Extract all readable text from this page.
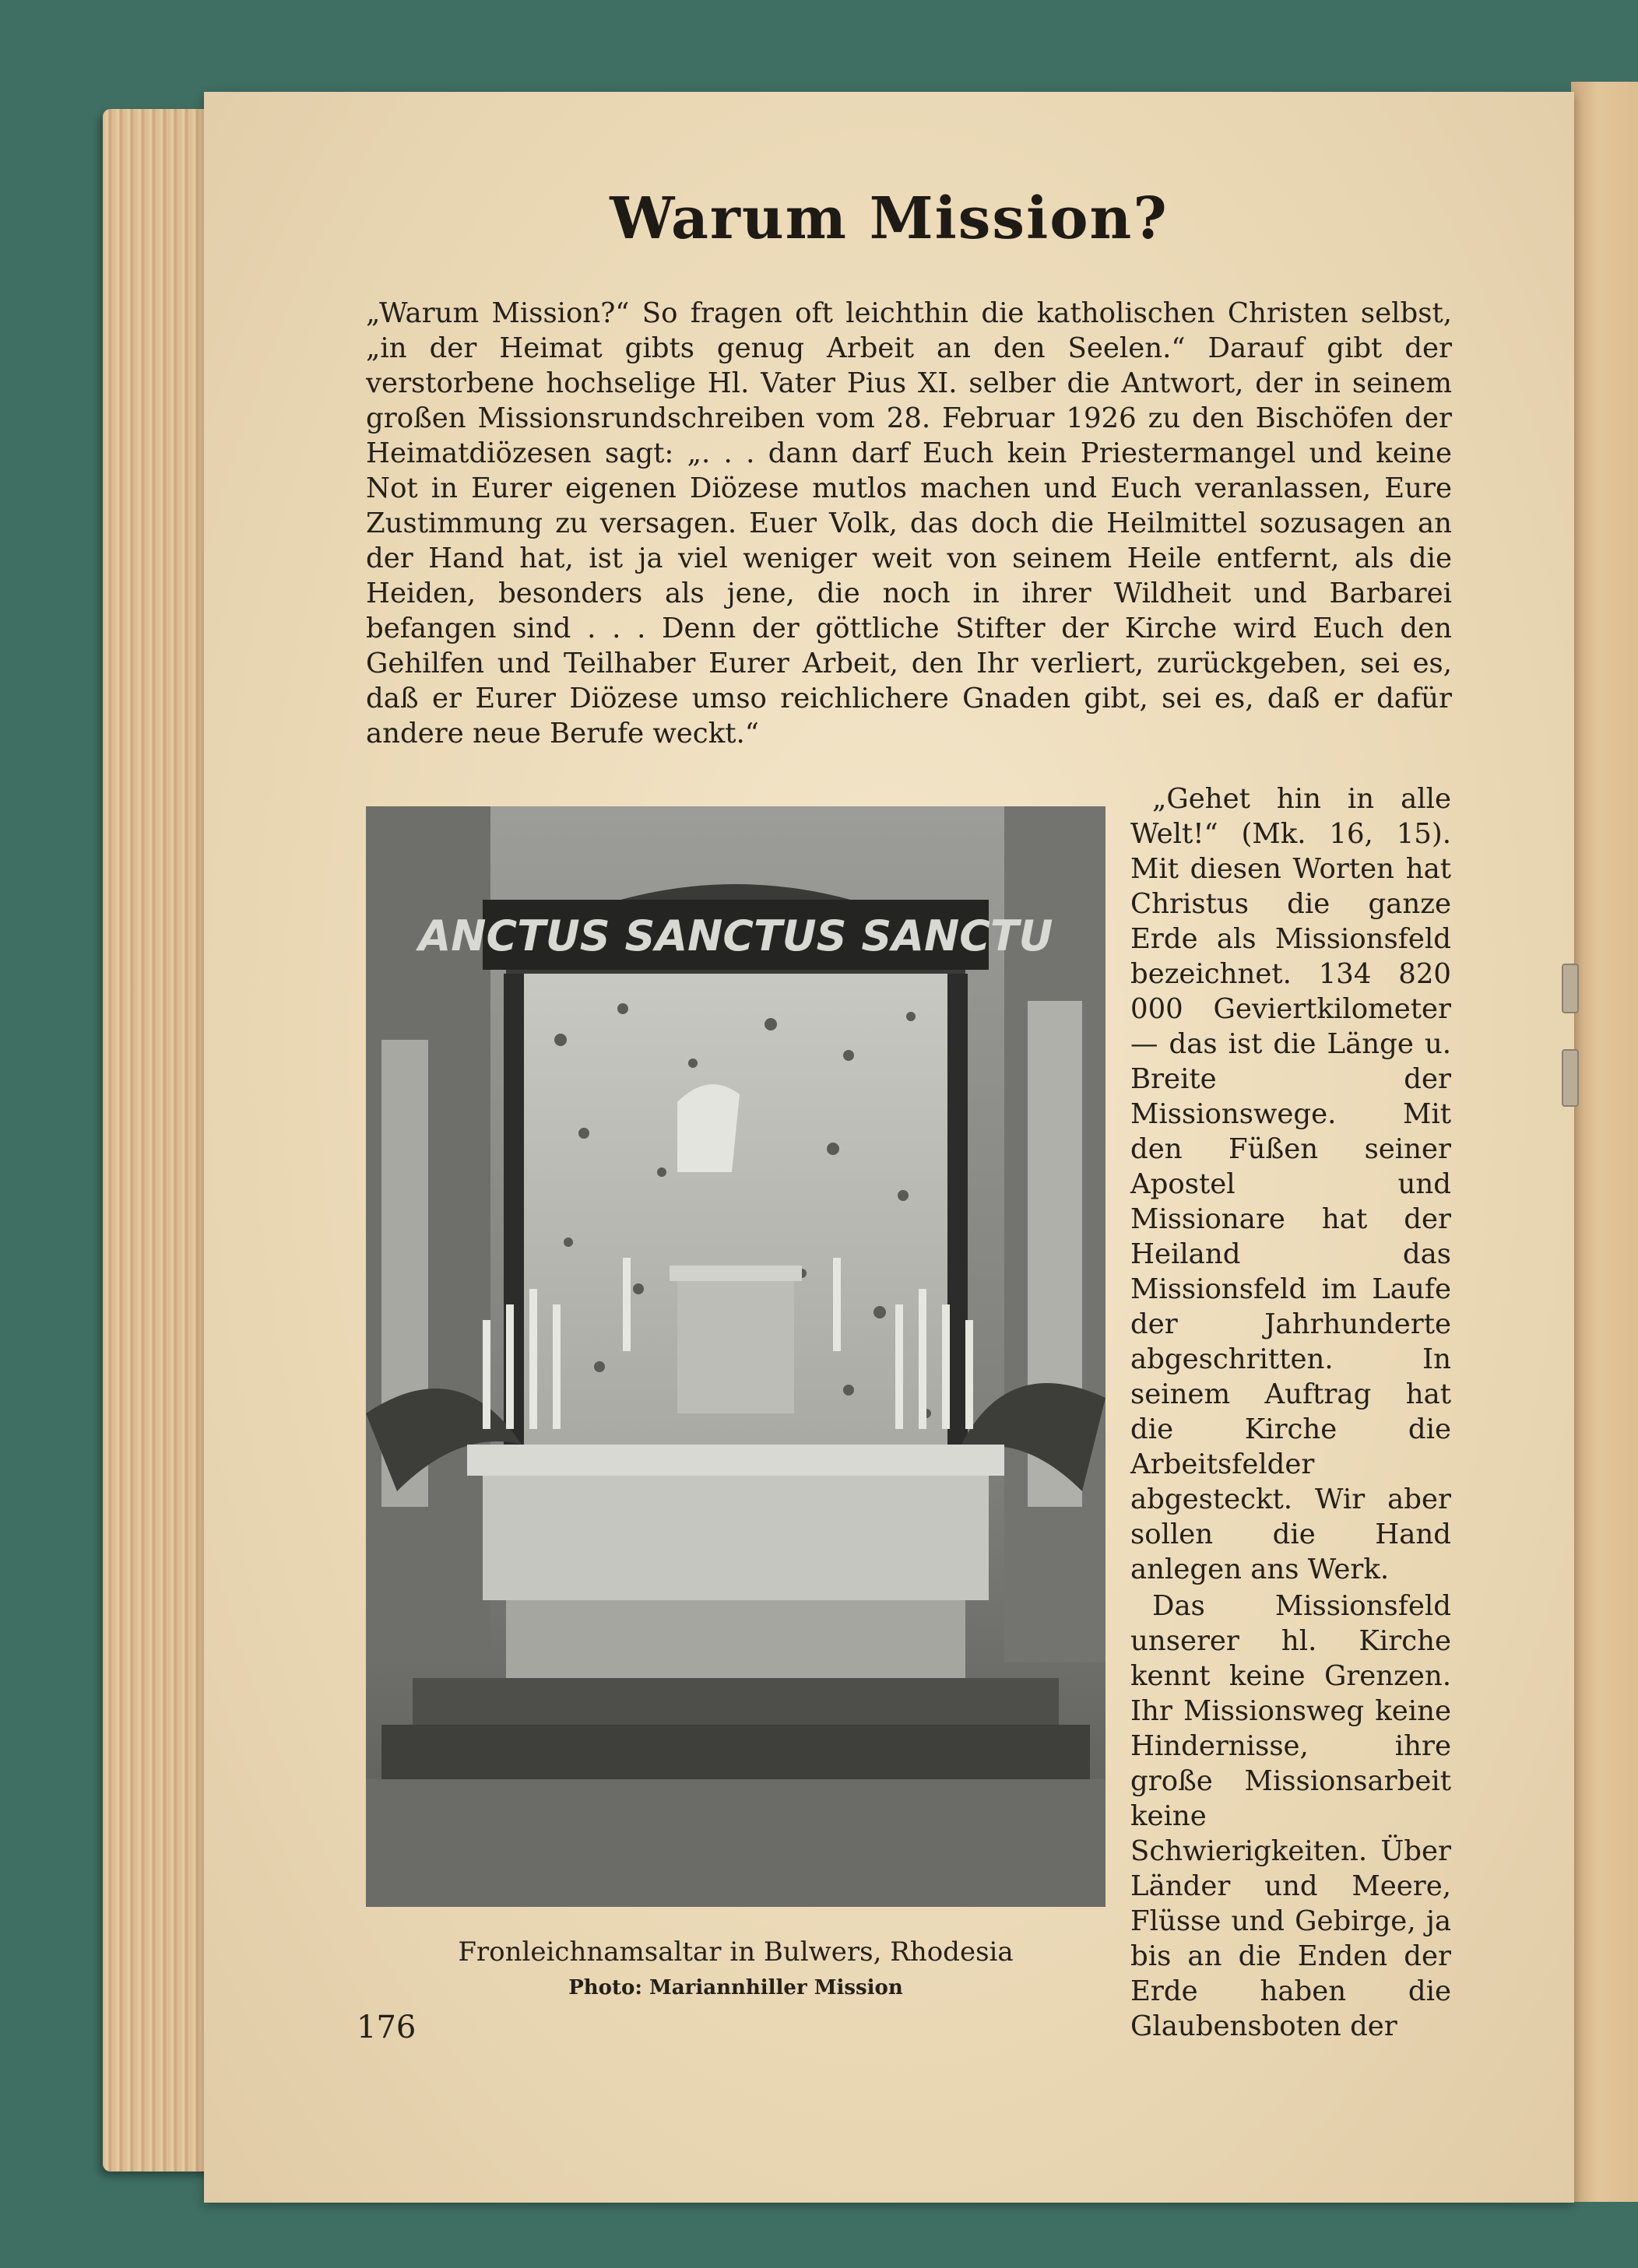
Warum Mission?
„Warum Mission?“ So fragen oft leichthin die katholischen Christen selbst, „in der Heimat gibts genug Arbeit an den Seelen.“ Darauf gibt der verstorbene hochselige Hl. Vater Pius XI. selber die Antwort, der in seinem großen Missionsrundschreiben vom 28. Februar 1926 zu den Bischöfen der Heimatdiözesen sagt: „. . . dann darf Euch kein Priestermangel und keine Not in Eurer eigenen Diözese mutlos machen und Euch veranlassen, Eure Zustimmung zu versagen. Euer Volk, das doch die Heilmittel sozusagen an der Hand hat, ist ja viel weniger weit von seinem Heile entfernt, als die Heiden, besonders als jene, die noch in ihrer Wildheit und Barbarei befangen sind . . . Denn der göttliche Stifter der Kirche wird Euch den Gehilfen und Teilhaber Eurer Arbeit, den Ihr verliert, zurückgeben, sei es, daß er Eurer Diözese umso reichlichere Gnaden gibt, sei es, daß er dafür andere neue Berufe weckt.“
ANCTUS SANCTUS SANCTU
Fronleichnamsaltar in Bulwers, Rhodesia
Photo: Mariannhiller Mission

„Gehet hin in alle Welt!“ (Mk. 16, 15). Mit diesen Worten hat Christus die ganze Erde als Missionsfeld bezeichnet. 134 820 000 Geviertkilometer — das ist die Länge u. Breite der Missionswege. Mit den Füßen seiner Apostel und Missionare hat der Heiland das Missionsfeld im Laufe der Jahrhunderte abgeschritten. In seinem Auftrag hat die Kirche die Arbeitsfelder abgesteckt. Wir aber sollen die Hand anlegen ans Werk.

Das Missionsfeld unserer hl. Kirche kennt keine Grenzen. Ihr Missionsweg keine Hindernisse, ihre große Missionsarbeit keine Schwierigkeiten. Über Länder und Meere, Flüsse und Gebirge, ja bis an die Enden der Erde haben die Glaubensboten der

176
